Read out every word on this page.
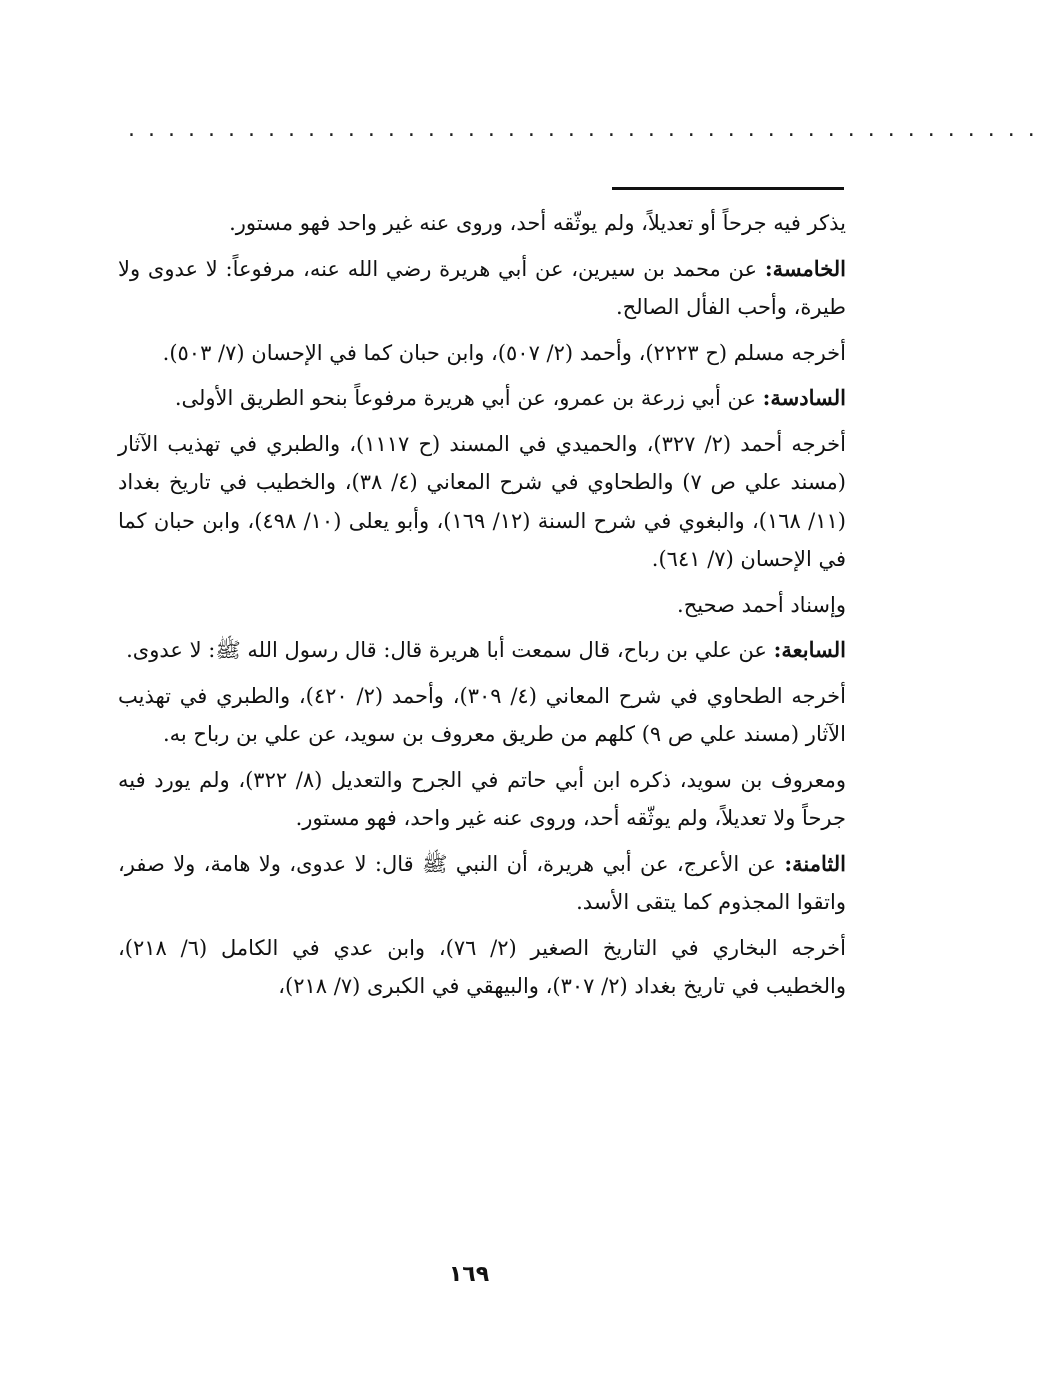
..............................................

يذكر فيه جرحاً أو تعديلاً، ولم يوثّقه أحد، وروى عنه غير واحد فهو مستور.

الخامسة: عن محمد بن سيرين، عن أبي هريرة رضي الله عنه، مرفوعاً: لا عدوى ولا طيرة، وأحب الفأل الصالح.

أخرجه مسلم (ح ٢٢٢٣)، وأحمد (٢/ ٥٠٧)، وابن حبان كما في الإحسان (٧/ ٥٠٣).

السادسة: عن أبي زرعة بن عمرو، عن أبي هريرة مرفوعاً بنحو الطريق الأولى.

أخرجه أحمد (٢/ ٣٢٧)، والحميدي في المسند (ح ١١١٧)، والطبري في تهذيب الآثار (مسند علي ص ٧) والطحاوي في شرح المعاني (٤/ ٣٨)، والخطيب في تاريخ بغداد (١١/ ١٦٨)، والبغوي في شرح السنة (١٢/ ١٦٩)، وأبو يعلى (١٠/ ٤٩٨)، وابن حبان كما في الإحسان (٧/ ٦٤١).

وإسناد أحمد صحيح.

السابعة: عن علي بن رباح، قال سمعت أبا هريرة قال: قال رسول الله ﷺ: لا عدوى.

أخرجه الطحاوي في شرح المعاني (٤/ ٣٠٩)، وأحمد (٢/ ٤٢٠)، والطبري في تهذيب الآثار (مسند علي ص ٩) كلهم من طريق معروف بن سويد، عن علي بن رباح به.

ومعروف بن سويد، ذكره ابن أبي حاتم في الجرح والتعديل (٨/ ٣٢٢)، ولم يورد فيه جرحاً ولا تعديلاً، ولم يوثّقه أحد، وروى عنه غير واحد، فهو مستور.

الثامنة: عن الأعرج، عن أبي هريرة، أن النبي ﷺ قال: لا عدوى، ولا هامة، ولا صفر، واتقوا المجذوم كما يتقى الأسد.

أخرجه البخاري في التاريخ الصغير (٢/ ٧٦)، وابن عدي في الكامل (٦/ ٢١٨)، والخطيب في تاريخ بغداد (٢/ ٣٠٧)، والبيهقي في الكبرى (٧/ ٢١٨)،

١٦٩
